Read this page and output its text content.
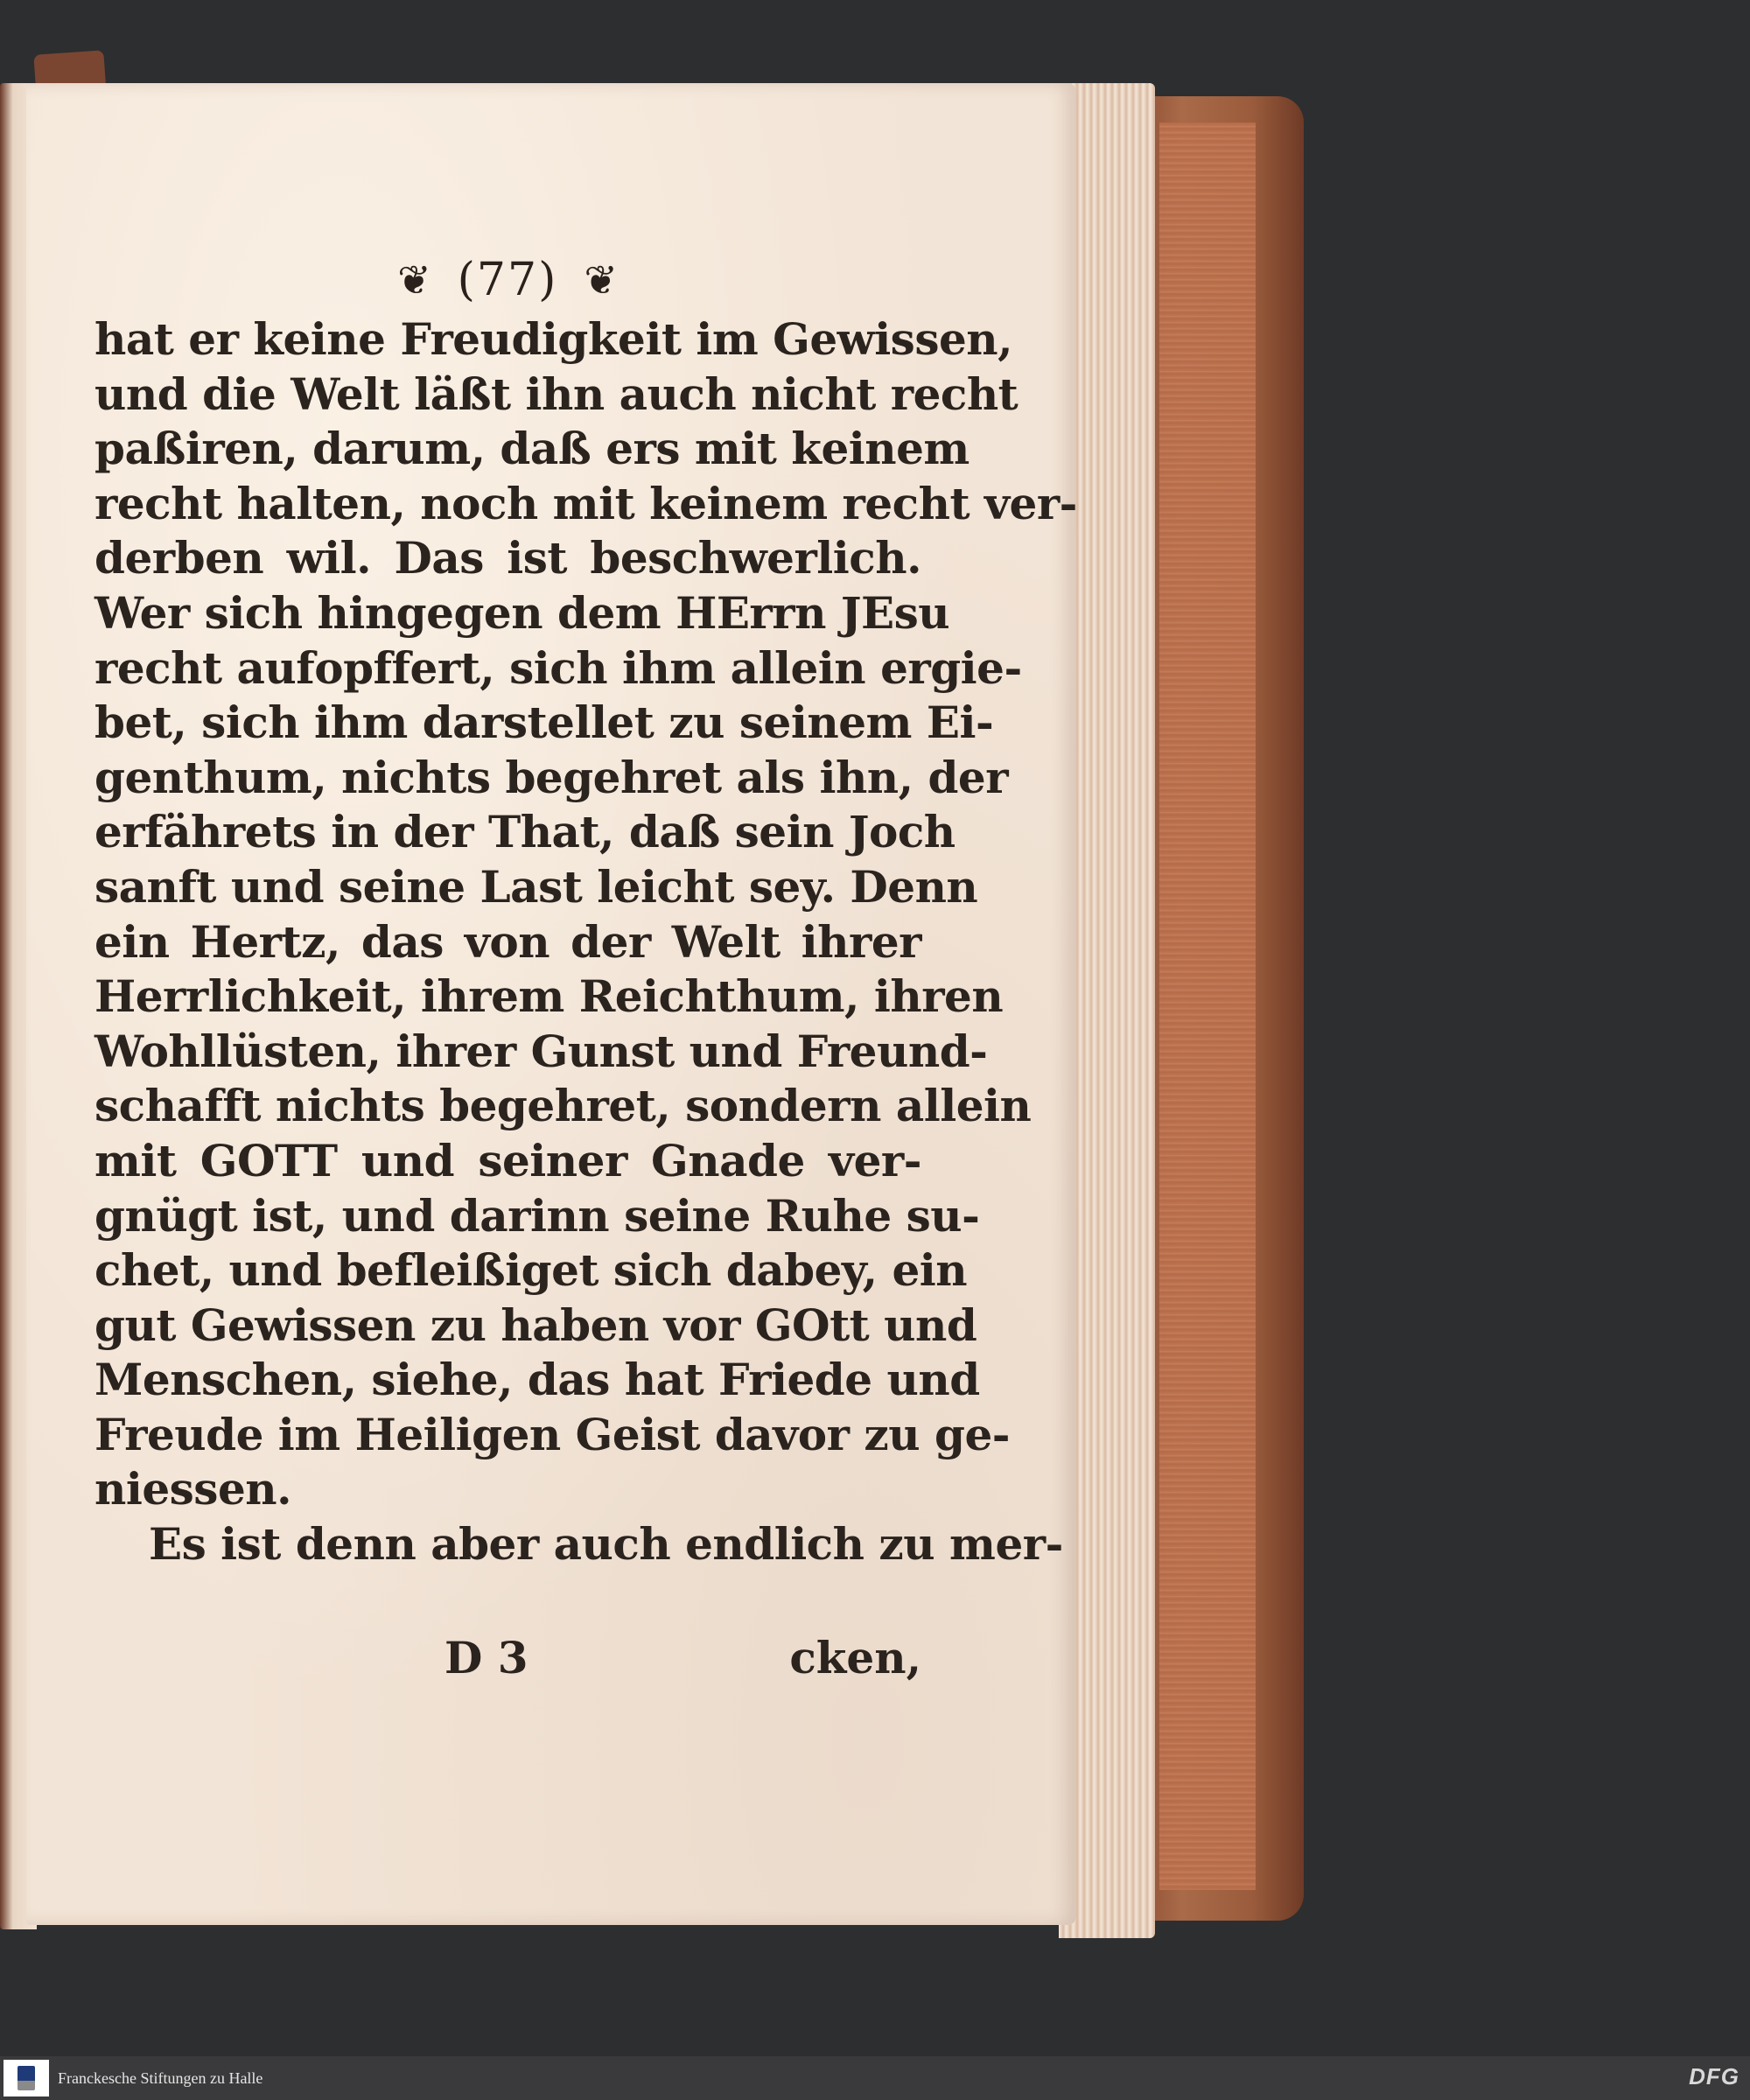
❦ (77) ❦
hat er keine Freudigkeit im Gewissen,
und die Welt läßt ihn auch nicht recht
paßiren, darum, daß ers mit keinem
recht halten, noch mit keinem recht ver-
derben wil. Das ist beschwerlich.
Wer sich hingegen dem HErrn JEsu
recht aufopffert, sich ihm allein ergie-
bet, sich ihm darstellet zu seinem Ei-
genthum, nichts begehret als ihn, der
erfährets in der That, daß sein Joch
sanft und seine Last leicht sey. Denn
ein Hertz, das von der Welt ihrer
Herrlichkeit, ihrem Reichthum, ihren
Wohllüsten, ihrer Gunst und Freund-
schafft nichts begehret, sondern allein
mit GOTT und seiner Gnade ver-
gnügt ist, und darinn seine Ruhe su-
chet, und befleißiget sich dabey, ein
gut Gewissen zu haben vor GOtt und
Menschen, siehe, das hat Friede und
Freude im Heiligen Geist davor zu ge-
niessen.
Es ist denn aber auch endlich zu mer-
D 3	cken,
Franckesche Stiftungen zu Halle	DFG
